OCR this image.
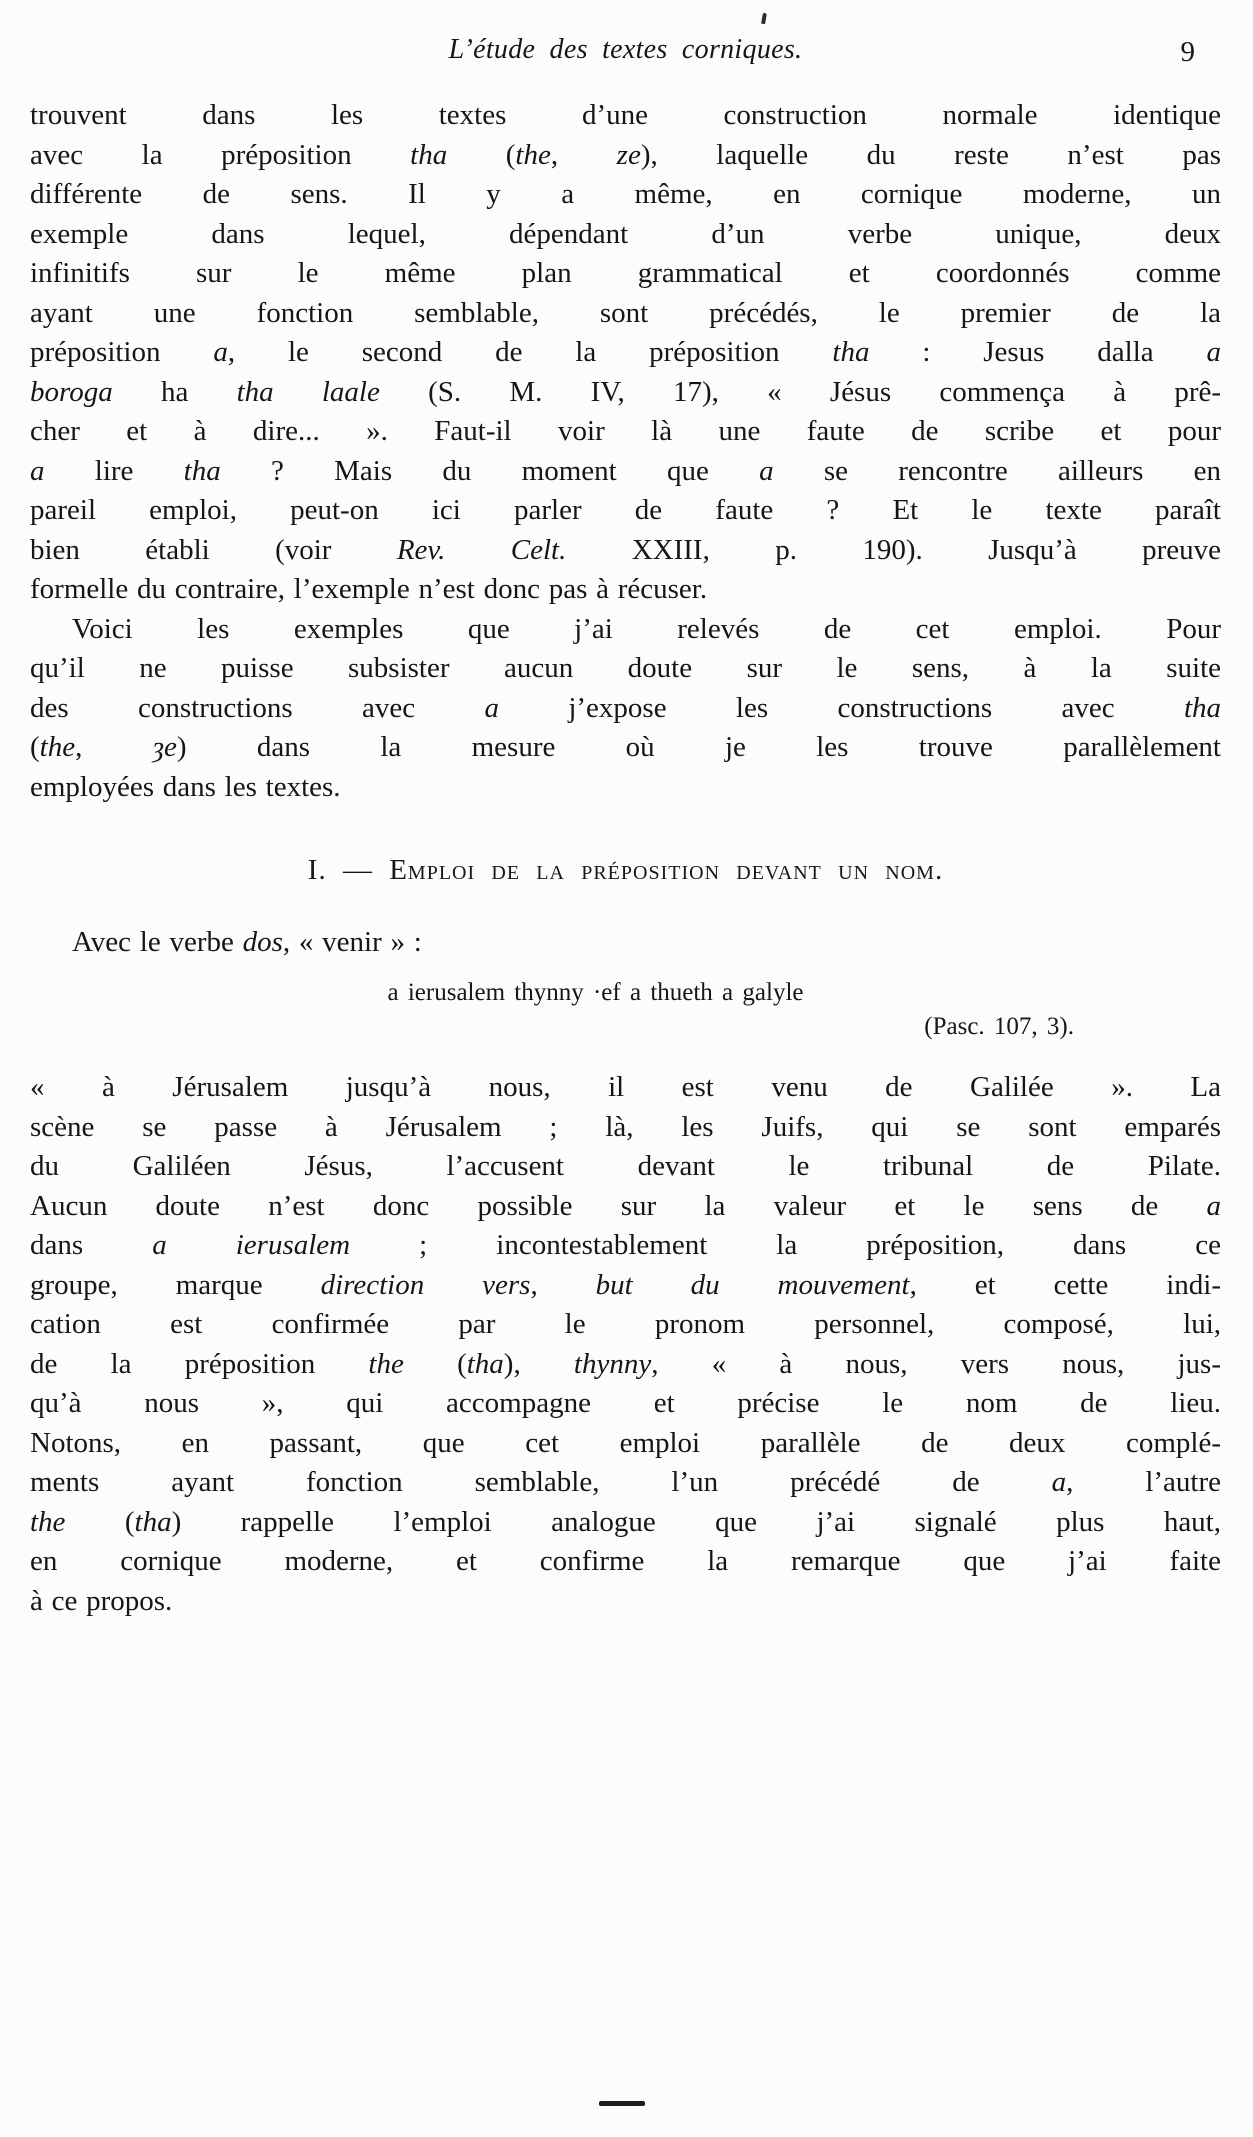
L’étude des textes corniques.	9
trouvent dans les textes d’une construction normale identique
avec la préposition tha (the, ze), laquelle du reste n’est pas
différente de sens. Il y a même, en cornique moderne, un
exemple dans lequel, dépendant d’un verbe unique, deux
infinitifs sur le même plan grammatical et coordonnés comme
ayant une fonction semblable, sont précédés, le premier de la
préposition a, le second de la préposition tha : Jesus dalla a
boroga ha tha laale (S. M. IV, 17), « Jésus commença à prê-
cher et à dire... ». Faut-il voir là une faute de scribe et pour
a lire tha ? Mais du moment que a se rencontre ailleurs en
pareil emploi, peut-on ici parler de faute ? Et le texte paraît
bien établi (voir Rev. Celt. XXIII, p. 190). Jusqu’à preuve
formelle du contraire, l’exemple n’est donc pas à récuser.
Voici les exemples que j’ai relevés de cet emploi. Pour
qu’il ne puisse subsister aucun doute sur le sens, à la suite
des constructions avec a j’expose les constructions avec tha
(the, ȝe) dans la mesure où je les trouve parallèlement
employées dans les textes.
I. — Emploi de la préposition devant un nom.
Avec le verbe dos, « venir » :
a ierusalem thynny ·ef a thueth a galyle
(Pasc. 107, 3).
« à Jérusalem jusqu’à nous, il est venu de Galilée ». La
scène se passe à Jérusalem ; là, les Juifs, qui se sont emparés
du Galiléen Jésus, l’accusent devant le tribunal de Pilate.
Aucun doute n’est donc possible sur la valeur et le sens de a
dans a ierusalem ; incontestablement la préposition, dans ce
groupe, marque direction vers, but du mouvement, et cette indi-
cation est confirmée par le pronom personnel, composé, lui,
de la préposition the (tha), thynny, « à nous, vers nous, jus-
qu’à nous », qui accompagne et précise le nom de lieu.
Notons, en passant, que cet emploi parallèle de deux complé-
ments ayant fonction semblable, l’un précédé de a, l’autre
the (tha) rappelle l’emploi analogue que j’ai signalé plus haut,
en cornique moderne, et confirme la remarque que j’ai faite
à ce propos.
